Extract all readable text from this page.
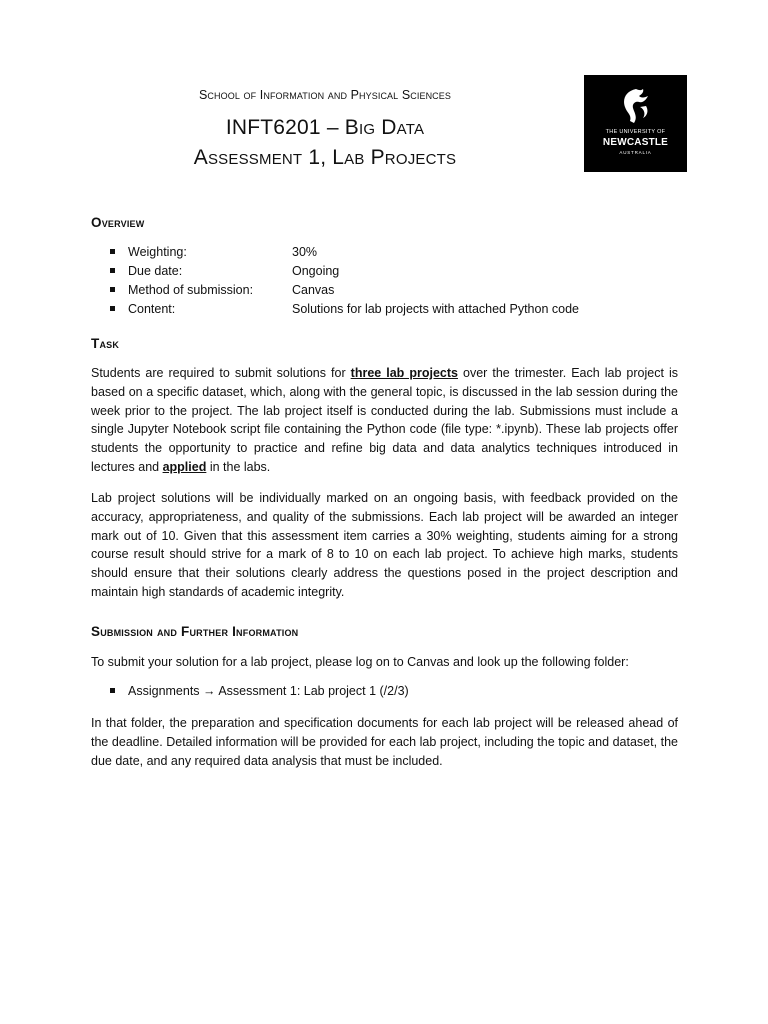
School of Information and Physical Sciences
INFT6201 – Big Data
Assessment 1, Lab Projects
THE UNIVERSITY OF
NEWCASTLE
AUSTRALIA
Overview
Weighting:	30%
Due date:	Ongoing
Method of submission:	Canvas
Content:	Solutions for lab projects with attached Python code
Task

Students are required to submit solutions for three lab projects over the trimester. Each lab project is based on a specific dataset, which, along with the general topic, is discussed in the lab session during the week prior to the project. The lab project itself is conducted during the lab. Submissions must include a single Jupyter Notebook script file containing the Python code (file type: *.ipynb). These lab projects offer students the opportunity to practice and refine big data and data analytics techniques introduced in lectures and applied in the labs.

Lab project solutions will be individually marked on an ongoing basis, with feedback provided on the accuracy, appropriateness, and quality of the submissions. Each lab project will be awarded an integer mark out of 10. Given that this assessment item carries a 30% weighting, students aiming for a strong course result should strive for a mark of 8 to 10 on each lab project. To achieve high marks, students should ensure that their solutions clearly address the questions posed in the project description and maintain high standards of academic integrity.

Submission and Further Information
To submit your solution for a lab project, please log on to Canvas and look up the following folder:
Assignments → Assessment 1: Lab project 1 (/2/3)

In that folder, the preparation and specification documents for each lab project will be released ahead of the deadline. Detailed information will be provided for each lab project, including the topic and dataset, the due date, and any required data analysis that must be included.
